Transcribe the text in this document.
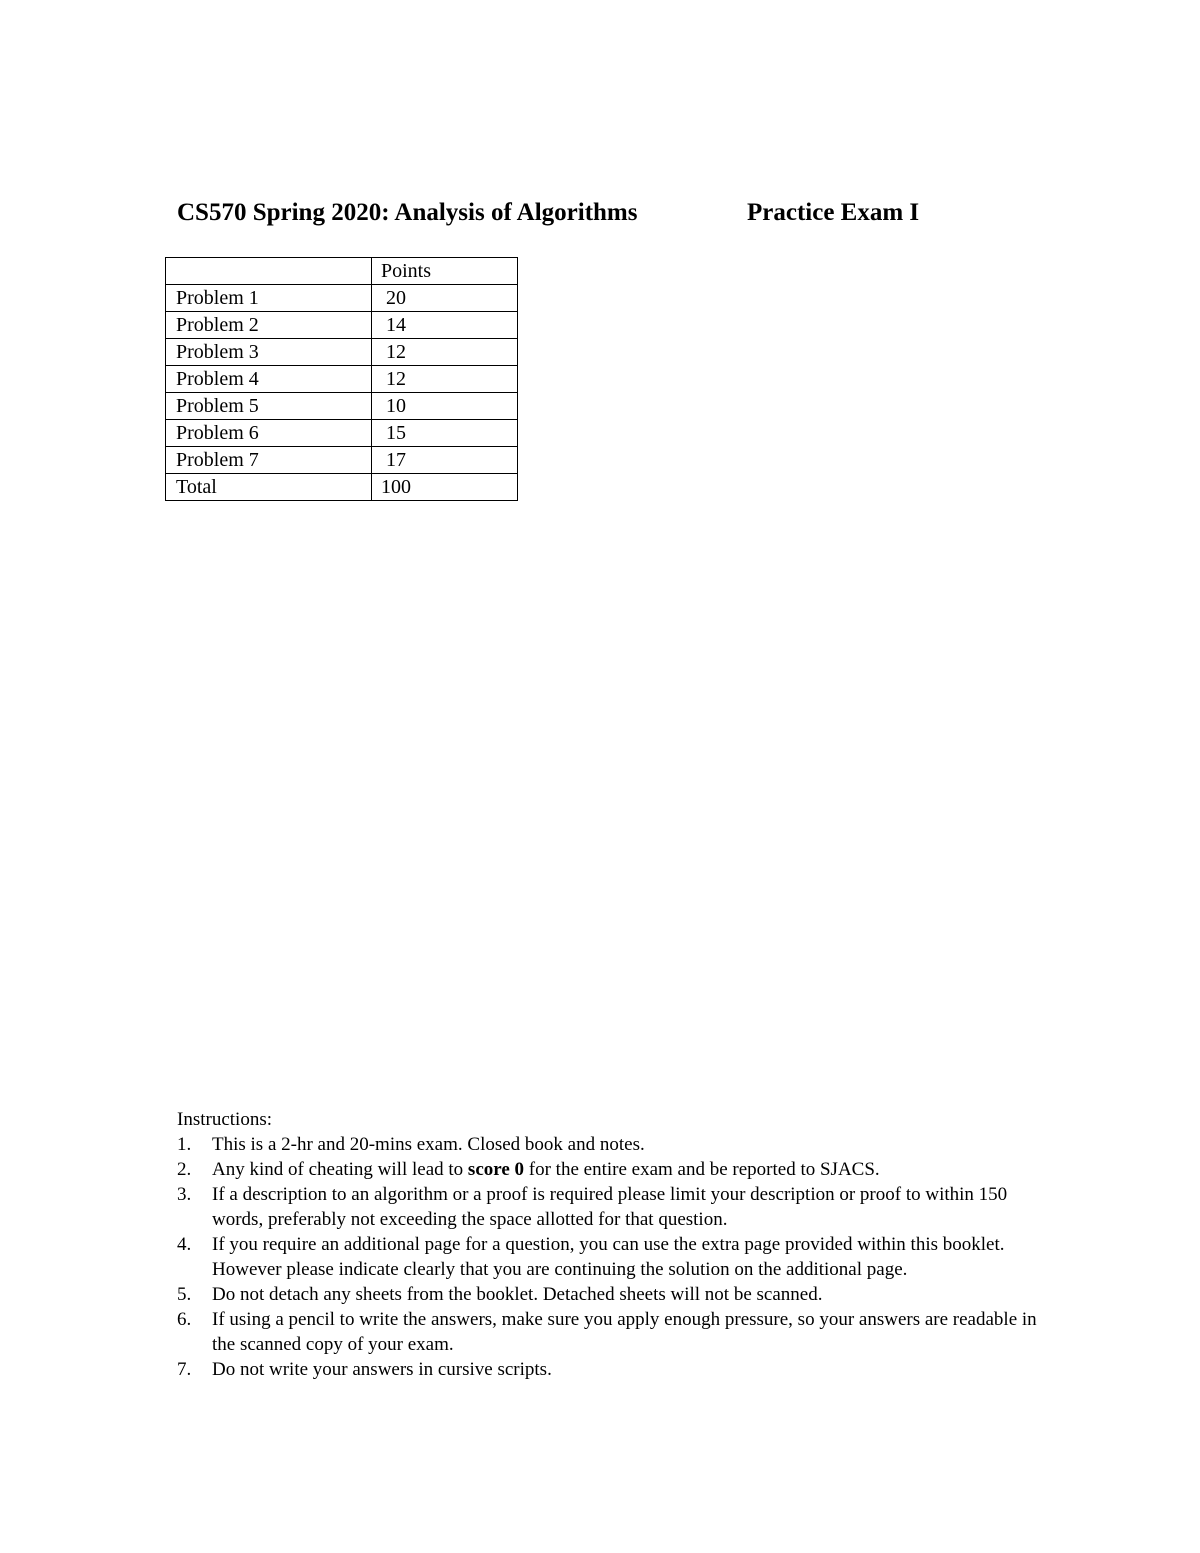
CS570 Spring 2020: Analysis of Algorithms	Practice Exam I
	Points
Problem 1	20
Problem 2	14
Problem 3	12
Problem 4	12
Problem 5	10
Problem 6	15
Problem 7	17
Total	100
Instructions:
1. This is a 2-hr and 20-mins exam. Closed book and notes.
2. Any kind of cheating will lead to score 0 for the entire exam and be reported to SJACS.
3. If a description to an algorithm or a proof is required please limit your description or proof to within 150 words, preferably not exceeding the space allotted for that question.
4. If you require an additional page for a question, you can use the extra page provided within this booklet. However please indicate clearly that you are continuing the solution on the additional page.
5. Do not detach any sheets from the booklet. Detached sheets will not be scanned.
6. If using a pencil to write the answers, make sure you apply enough pressure, so your answers are readable in the scanned copy of your exam.
7. Do not write your answers in cursive scripts.
